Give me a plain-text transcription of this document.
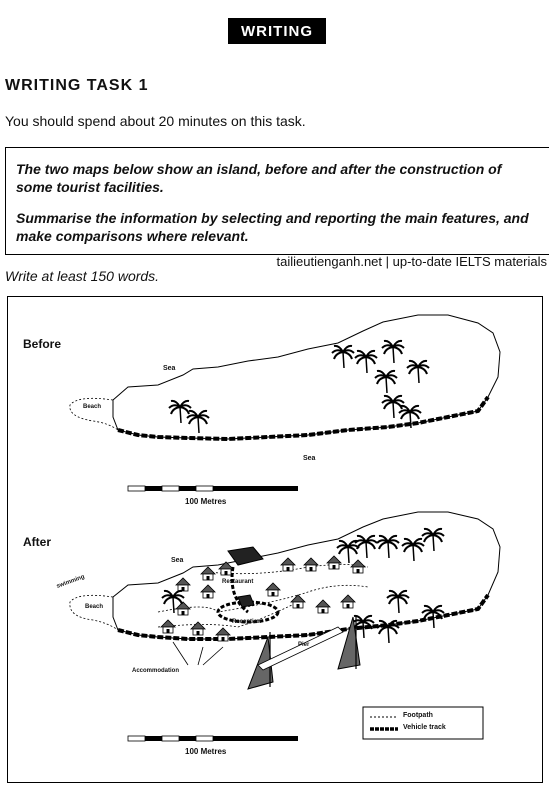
WRITING
WRITING TASK 1
You should spend about 20 minutes on this task.

The two maps below show an island, before and after the construction of some tourist facilities.

Summarise the information by selecting and reporting the main features, and make comparisons where relevant.

tailieutienganh.net | up-to-date IELTS materials
Write at least 150 words.
Before
Sea
Sea
Beach
100 Metres
After
Sea
swimming
Beach
Restaurant
Reception
Pier
Accommodation
100 Metres
Footpath
Vehicle track
